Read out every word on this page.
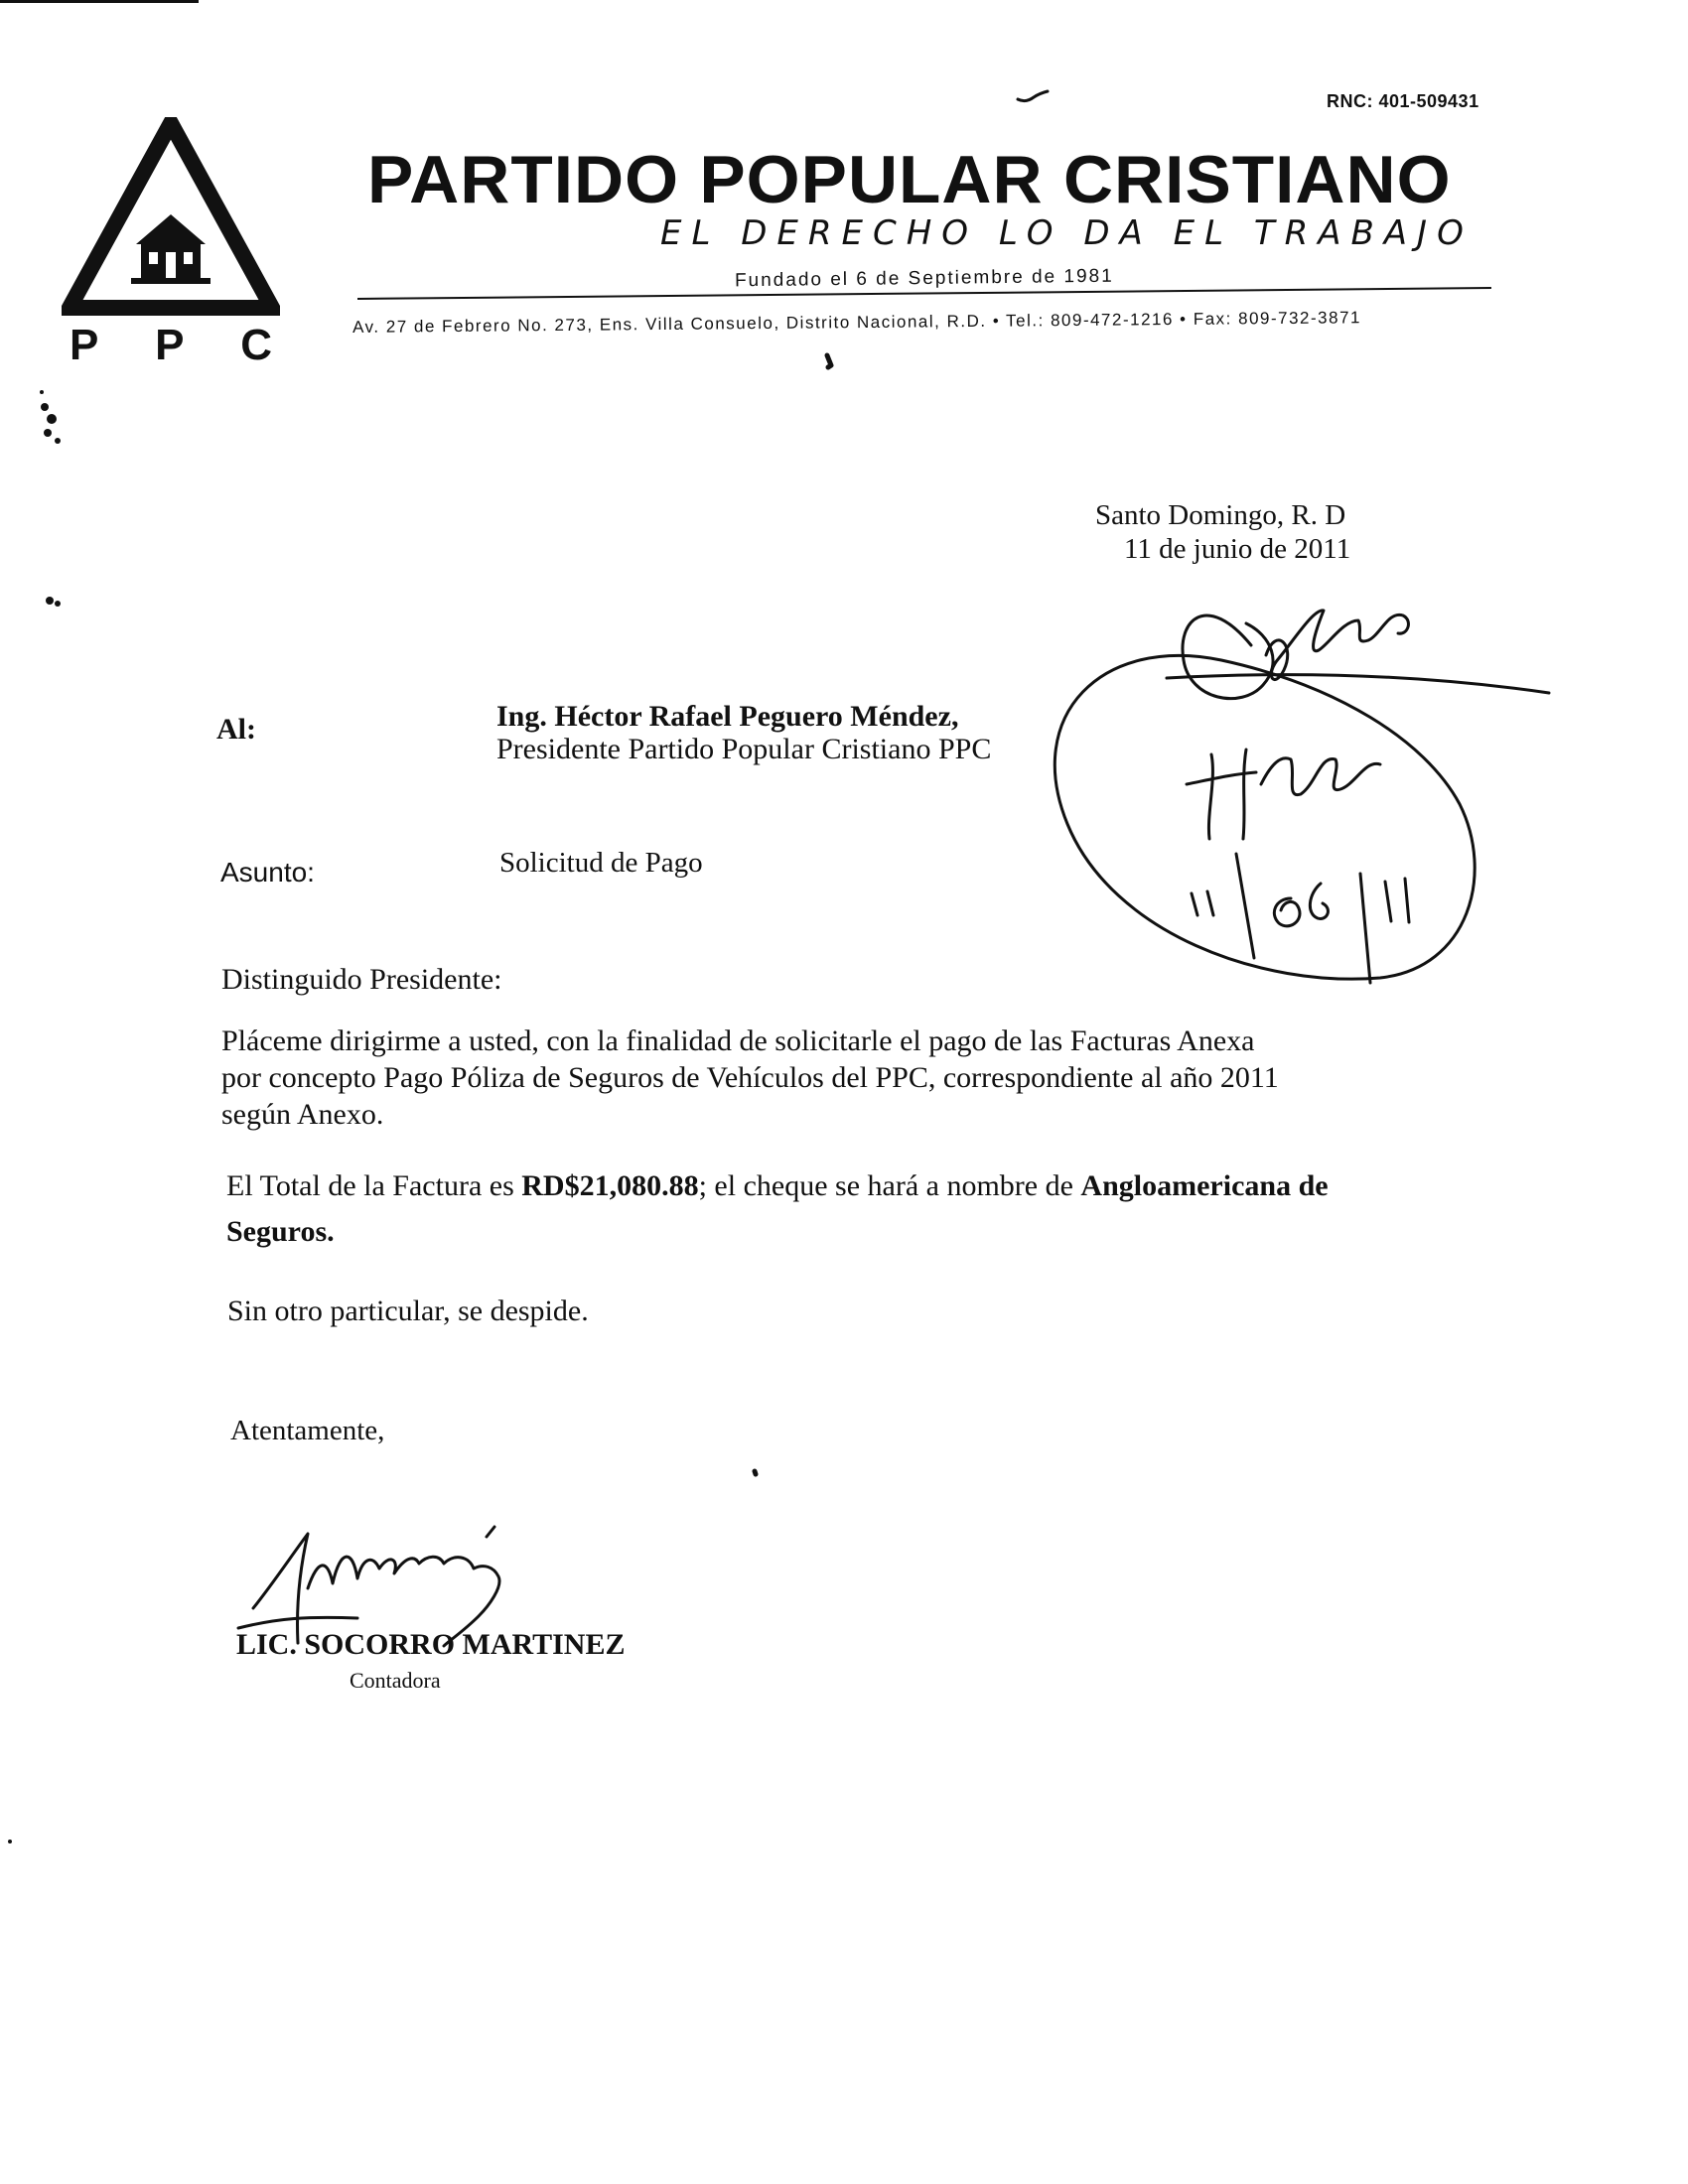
PPC
RNC: 401-509431
PARTIDO POPULAR CRISTIANO
EL DERECHO LO DA EL TRABAJO
Fundado el 6 de Septiembre de 1981
Av. 27 de Febrero No. 273, Ens. Villa Consuelo, Distrito Nacional, R.D. • Tel.: 809-472-1216 • Fax: 809-732-3871
Santo Domingo, R. D
11 de junio de 2011
Al:	Ing. Héctor Rafael Peguero Méndez,
Presidente Partido Popular Cristiano PPC
Asunto:	Solicitud de Pago
Distinguido Presidente:
Pláceme dirigirme a usted, con la finalidad de solicitarle el pago de las Facturas Anexa
por concepto Pago Póliza de Seguros de Vehículos del PPC, correspondiente al año 2011
según Anexo.
El Total de la Factura es RD$21,080.88; el cheque se hará a nombre de Angloamericana de Seguros.
Sin otro particular, se despide.
Atentamente,
LIC. SOCORRO MARTINEZ
Contadora
